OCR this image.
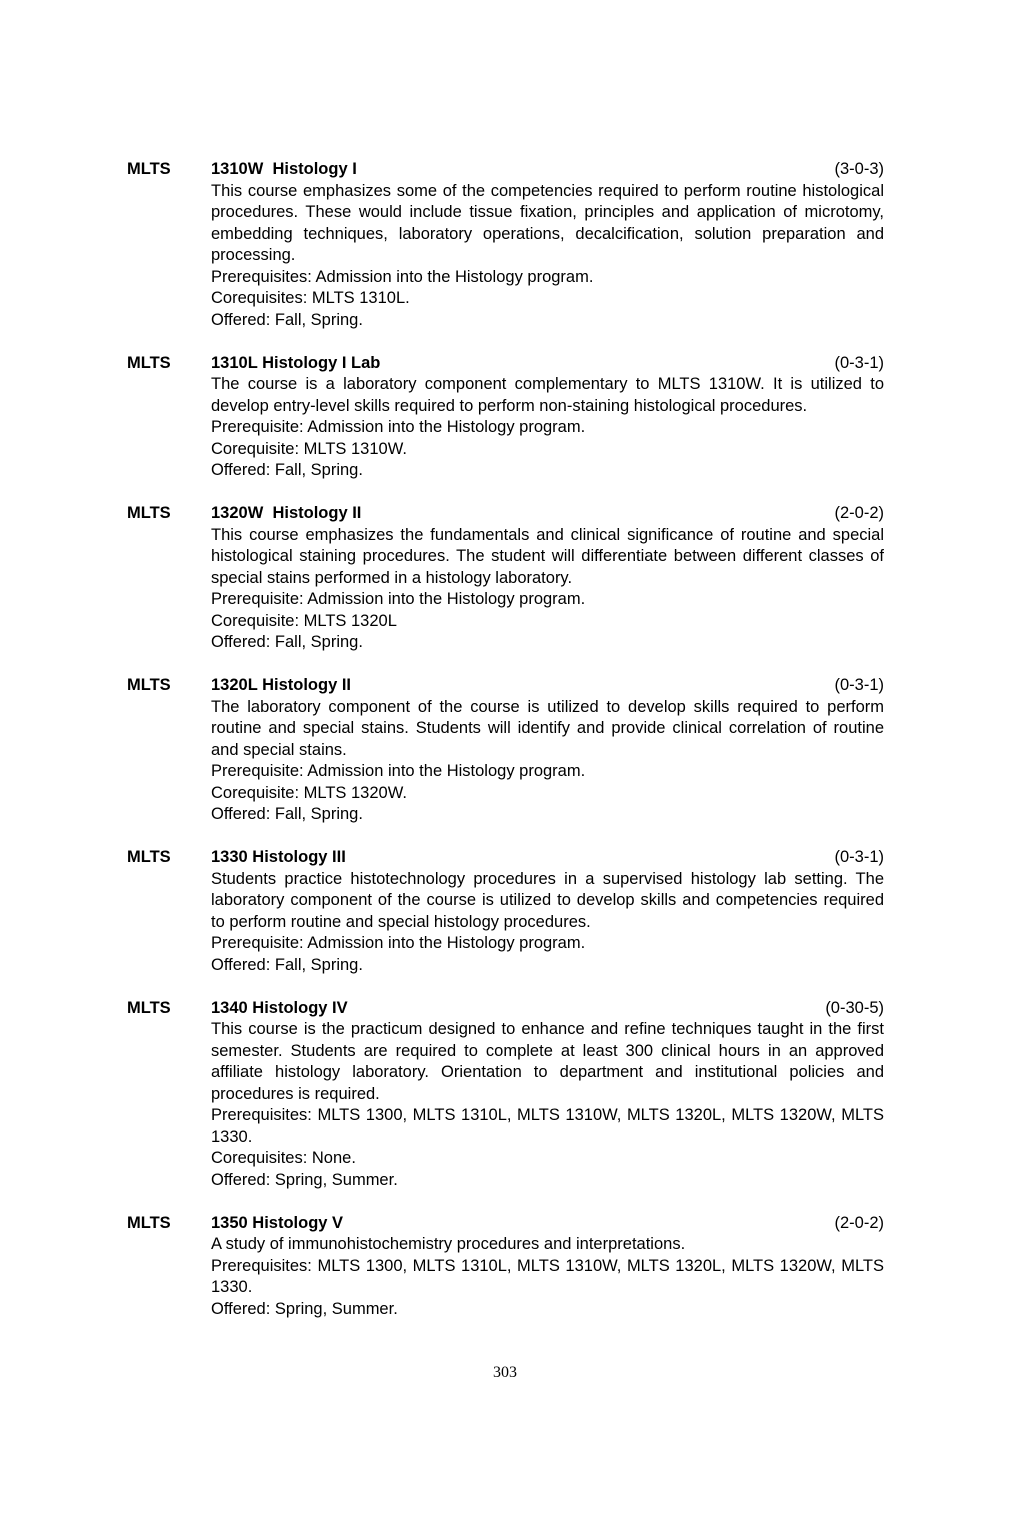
MLTS 1310W  Histology I	(3-0-3)

This course emphasizes some of the competencies required to perform routine histological procedures. These would include tissue fixation, principles and application of microtomy, embedding techniques, laboratory operations, decalcification, solution preparation and processing.

Prerequisites: Admission into the Histology program.

Corequisites: MLTS 1310L.

Offered: Fall, Spring.

MLTS 1310L Histology I Lab	(0-3-1)

The course is a laboratory component complementary to MLTS 1310W. It is utilized to develop entry-level skills required to perform non-staining histological procedures.

Prerequisite: Admission into the Histology program.

Corequisite: MLTS 1310W.

Offered: Fall, Spring.

MLTS 1320W  Histology II	(2-0-2)

This course emphasizes the fundamentals and clinical significance of routine and special histological staining procedures. The student will differentiate between different classes of special stains performed in a histology laboratory.

Prerequisite: Admission into the Histology program.

Corequisite: MLTS 1320L

Offered: Fall, Spring.

MLTS 1320L Histology II	(0-3-1)

The laboratory component of the course is utilized to develop skills required to perform routine and special stains. Students will identify and provide clinical correlation of routine and special stains.

Prerequisite: Admission into the Histology program.

Corequisite: MLTS 1320W.

Offered: Fall, Spring.

MLTS 1330 Histology III	(0-3-1)

Students practice histotechnology procedures in a supervised histology lab setting. The laboratory component of the course is utilized to develop skills and competencies required to perform routine and special histology procedures.

Prerequisite: Admission into the Histology program.

Offered: Fall, Spring.

MLTS 1340 Histology IV	(0-30-5)

This course is the practicum designed to enhance and refine techniques taught in the first semester. Students are required to complete at least 300 clinical hours in an approved affiliate histology laboratory. Orientation to department and institutional policies and procedures is required.

Prerequisites: MLTS 1300, MLTS 1310L, MLTS 1310W, MLTS 1320L, MLTS 1320W, MLTS 1330.

Corequisites: None.

Offered: Spring, Summer.

MLTS 1350 Histology V	(2-0-2)

A study of immunohistochemistry procedures and interpretations.

Prerequisites: MLTS 1300, MLTS 1310L, MLTS 1310W, MLTS 1320L, MLTS 1320W, MLTS 1330.

Offered: Spring, Summer.

303
